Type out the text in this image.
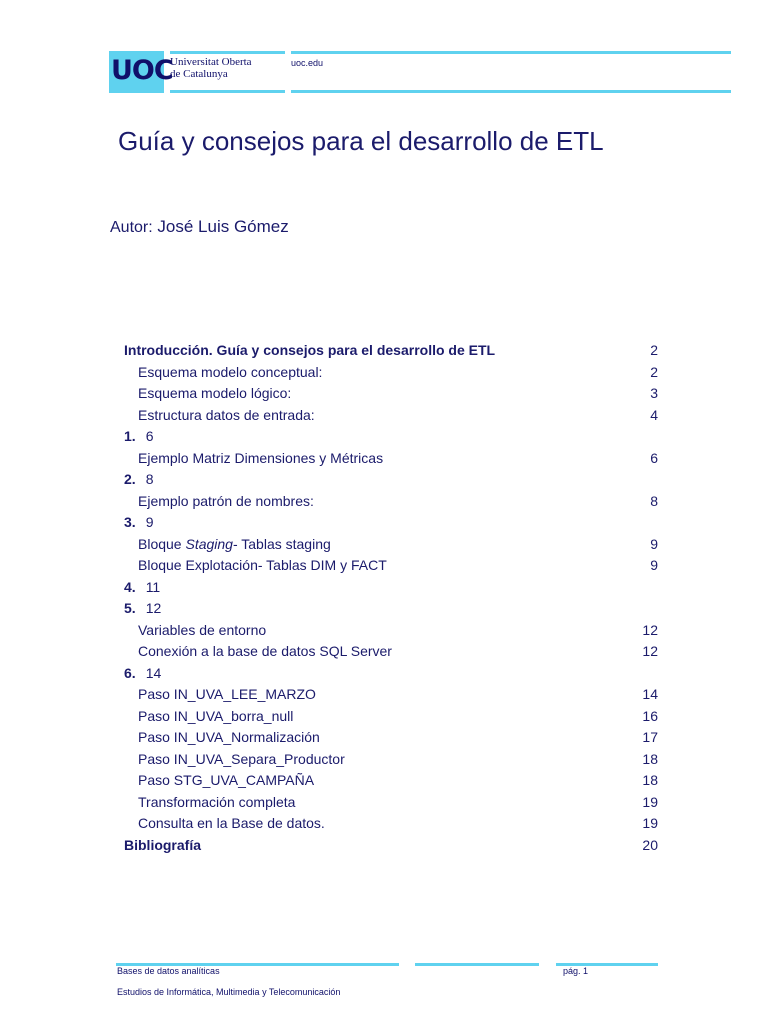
UOC
Universitat Oberta
de Catalunya
uoc.edu
Guía y consejos para el desarrollo de ETL
Autor: José Luis Gómez
Introducción. Guía y consejos para el desarrollo de ETL	2
Esquema modelo conceptual:	2
Esquema modelo lógico:	3
Estructura datos de entrada:	4
1. 6
Ejemplo Matriz Dimensiones y Métricas	6
2. 8
Ejemplo patrón de nombres:	8
3. 9
Bloque Staging- Tablas staging	9
Bloque Explotación- Tablas DIM y FACT	9
4. 11
5. 12
Variables de entorno	12
Conexión a la base de datos SQL Server	12
6. 14
Paso IN_UVA_LEE_MARZO	14
Paso IN_UVA_borra_null	16
Paso IN_UVA_Normalización	17
Paso IN_UVA_Separa_Productor	18
Paso STG_UVA_CAMPAÑA	18
Transformación completa	19
Consulta en la Base de datos.	19
Bibliografía	20
Bases de datos analíticas	pág. 1
Estudios de Informática, Multimedia y Telecomunicación
